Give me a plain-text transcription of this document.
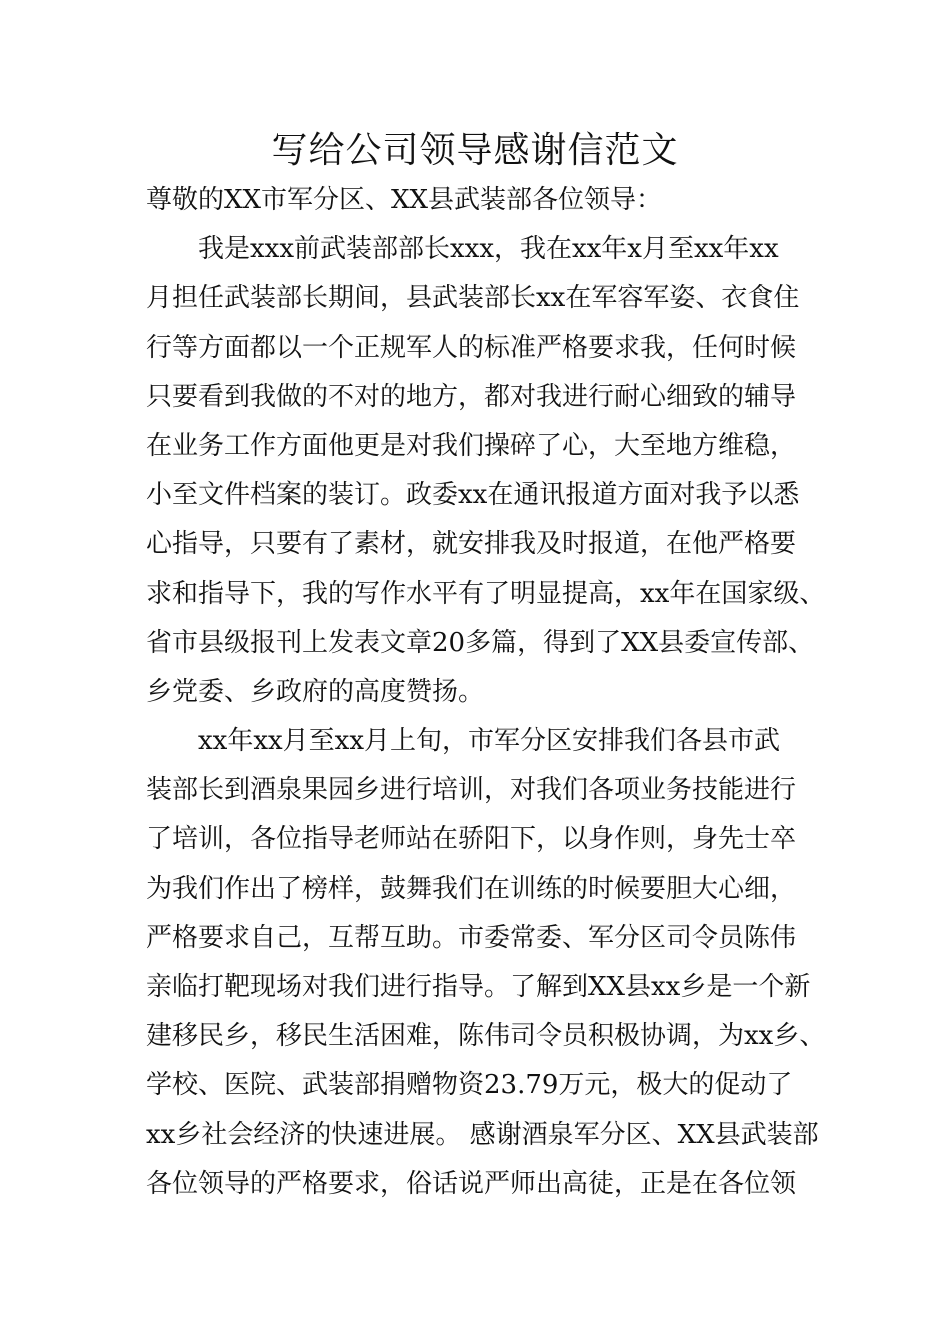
写给公司领导感谢信范文
尊敬的XX市军分区、XX县武装部各位领导：
我是xxx前武装部部长xxx，我在xx年x月至xx年xx
月担任武装部长期间，县武装部长xx在军容军姿、衣食住
行等方面都以一个正规军人的标准严格要求我，任何时候
只要看到我做的不对的地方，都对我进行耐心细致的辅导
在业务工作方面他更是对我们操碎了心，大至地方维稳，
小至文件档案的装订。政委xx在通讯报道方面对我予以悉
心指导，只要有了素材，就安排我及时报道，在他严格要
求和指导下，我的写作水平有了明显提高，xx年在国家级、
省市县级报刊上发表文章20多篇，得到了XX县委宣传部、
乡党委、乡政府的高度赞扬。
xx年xx月至xx月上旬，市军分区安排我们各县市武
装部长到酒泉果园乡进行培训，对我们各项业务技能进行
了培训，各位指导老师站在骄阳下，以身作则，身先士卒
为我们作出了榜样，鼓舞我们在训练的时候要胆大心细，
严格要求自己，互帮互助。市委常委、军分区司令员陈伟
亲临打靶现场对我们进行指导。了解到XX县xx乡是一个新
建移民乡，移民生活困难，陈伟司令员积极协调，为xx乡、
学校、医院、武装部捐赠物资23.79万元，极大的促动了
xx乡社会经济的快速进展。 感谢酒泉军分区、XX县武装部
各位领导的严格要求，俗话说严师出高徒，正是在各位领
